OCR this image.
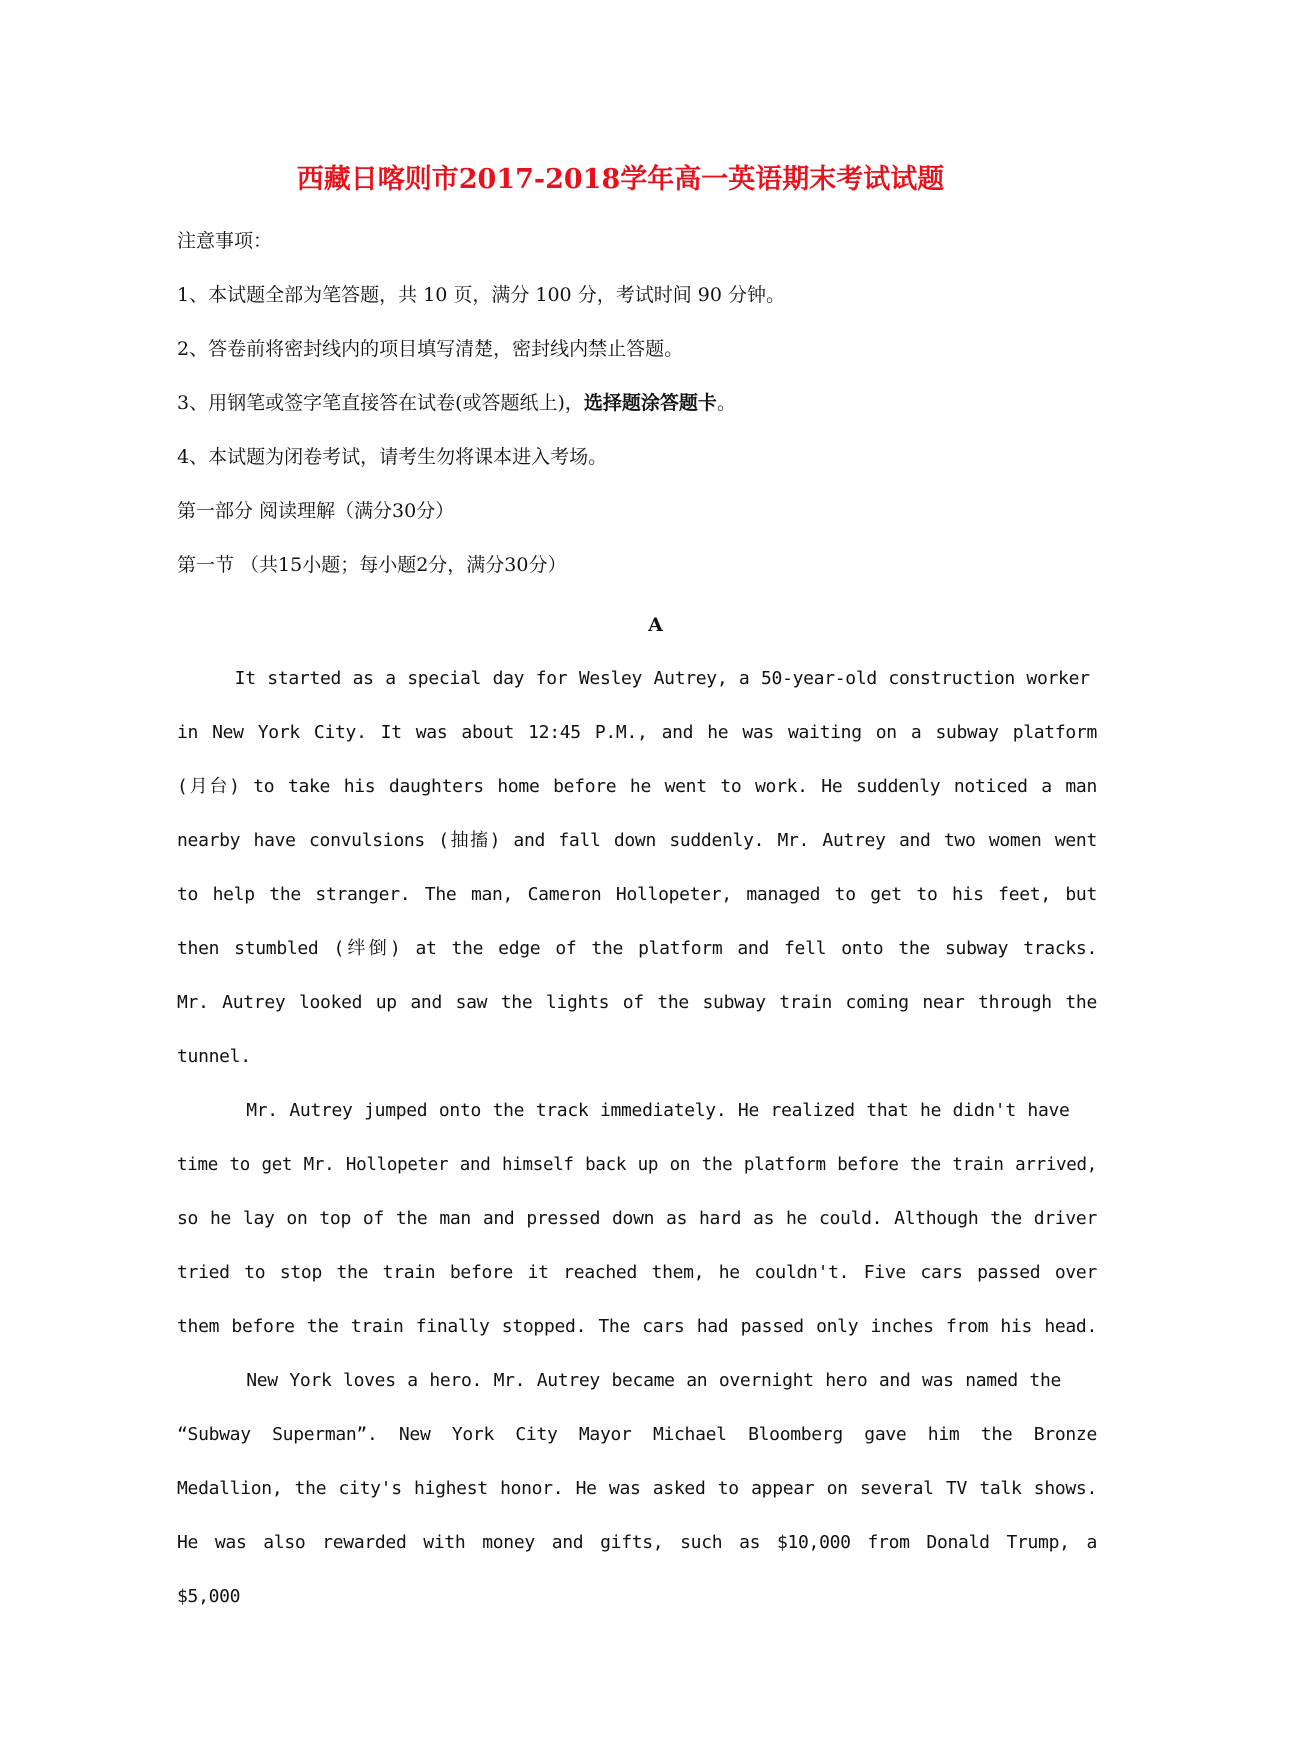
西藏日喀则市2017-2018学年高一英语期末考试试题

注意事项：

1、本试题全部为笔答题，共 10 页，满分 100 分，考试时间 90 分钟。

2、答卷前将密封线内的项目填写清楚，密封线内禁止答题。

3、用钢笔或签字笔直接答在试卷(或答题纸上)，选择题涂答题卡。

4、本试题为闭卷考试，请考生勿将课本进入考场。

第一部分 阅读理解（满分30分）

第一节 （共15小题；每小题2分，满分30分）

A

It started as a special day for Wesley Autrey, a 50-year-old construction worker

in New York City. It was about 12:45 P.M., and he was waiting on a subway platform

(月台) to take his daughters home before he went to work. He suddenly noticed a man

nearby have convulsions (抽搐) and fall down suddenly. Mr. Autrey and two women went

to help the stranger. The man, Cameron Hollopeter, managed to get to his feet, but

then stumbled (绊倒) at the edge of the platform and fell onto the subway tracks.

Mr. Autrey looked up and saw the lights of the subway train coming near through the

tunnel.

Mr. Autrey jumped onto the track immediately. He realized that he didn't have

time to get Mr. Hollopeter and himself back up on the platform before the train arrived,

so he lay on top of the man and pressed down as hard as he could. Although the driver

tried to stop the train before it reached them, he couldn't. Five cars passed over

them before the train finally stopped. The cars had passed only inches from his head.

New York loves a hero. Mr. Autrey became an overnight hero and was named the

“Subway Superman”. New York City Mayor Michael Bloomberg gave him the Bronze

Medallion, the city's highest honor. He was asked to appear on several TV talk shows.

He was also rewarded with money and gifts, such as $10,000 from Donald Trump, a $5,000
